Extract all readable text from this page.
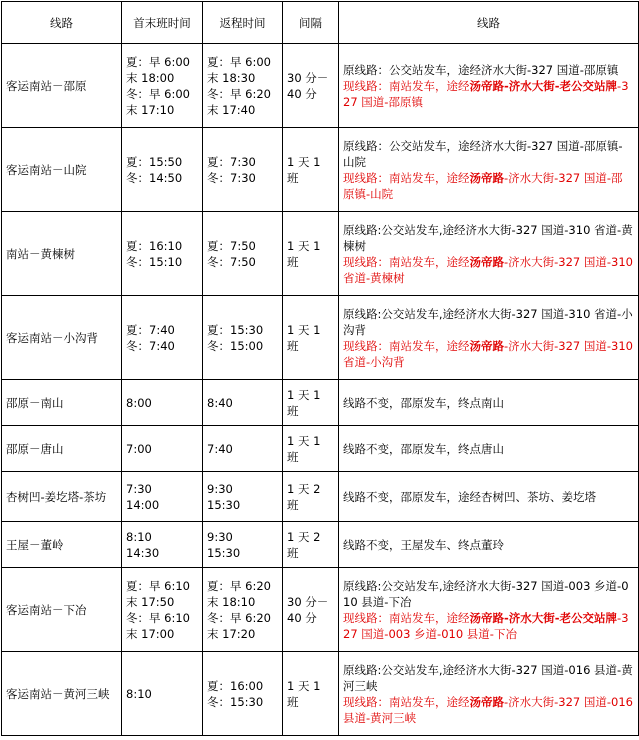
线路	首末班时间	返程时间	间隔	线路
客运南站－邵原	夏：早 6:00
末 18:00
冬：早 6:00
末 17:10	夏：早 6:00
末 18:30
冬：早 6:20
末 17:40	30 分－40 分	原线路：公交站发车，途经济水大街-327 国道-邵原镇
现线路：南站发车，途经汤帝路-济水大街-老公交站牌-327 国道-邵原镇

客运南站－山院	夏：15:50
冬：14:50	夏：7:30
冬：7:30	1 天 1 班	原线路：公交站发车，途经济水大街-327 国道-邵原镇-山院
现线路：南站发车，途经汤帝路-济水大街-327 国道-邵原镇-山院

南站－黄楝树	夏：16:10
冬：15:10	夏：7:50
冬：7:50	1 天 1 班	原线路:公交站发车,途经济水大街-327 国道-310 省道-黄楝树
现线路：南站发车，途经汤帝路-济水大街-327 国道-310 省道-黄楝树

客运南站－小沟背	夏：7:40
冬：7:40	夏：15:30
冬：15:00	1 天 1 班	原线路:公交站发车,途经济水大街-327 国道-310 省道-小沟背
现线路：南站发车，途经汤帝路-济水大街-327 国道-310 省道-小沟背

邵原－南山	8:00	8:40	1 天 1 班	线路不变，邵原发车，终点南山

邵原－唐山	7:00	7:40	1 天 1 班	线路不变，邵原发车，终点唐山

杏树凹-姜圪塔-茶坊	7:30
14:00	9:30
15:30	1 天 2 班	线路不变，邵原发车，途经杏树凹、茶坊、姜圪塔

王屋－董岭	8:10
14:30	9:30
15:30	1 天 2 班	线路不变，王屋发车、终点董玲

客运南站－下冶	夏：早 6:10
末 17:50
冬：早 6:10
末 17:00	夏：早 6:20
末 18:10
冬：早 6:20
末 17:20	30 分－40 分	原线路:公交站发车,途经济水大街-327 国道-003 乡道-010 县道-下冶
现线路：南站发车，途经汤帝路-济水大街-老公交站牌-327 国道-003 乡道-010 县道-下冶

客运南站－黄河三峡	8:10	夏：16:00
冬：15:30	1 天 1 班	原线路:公交站发车,途经济水大街-327 国道-016 县道-黄河三峡
现线路：南站发车，途经汤帝路-济水大街-327 国道-016 县道-黄河三峡
